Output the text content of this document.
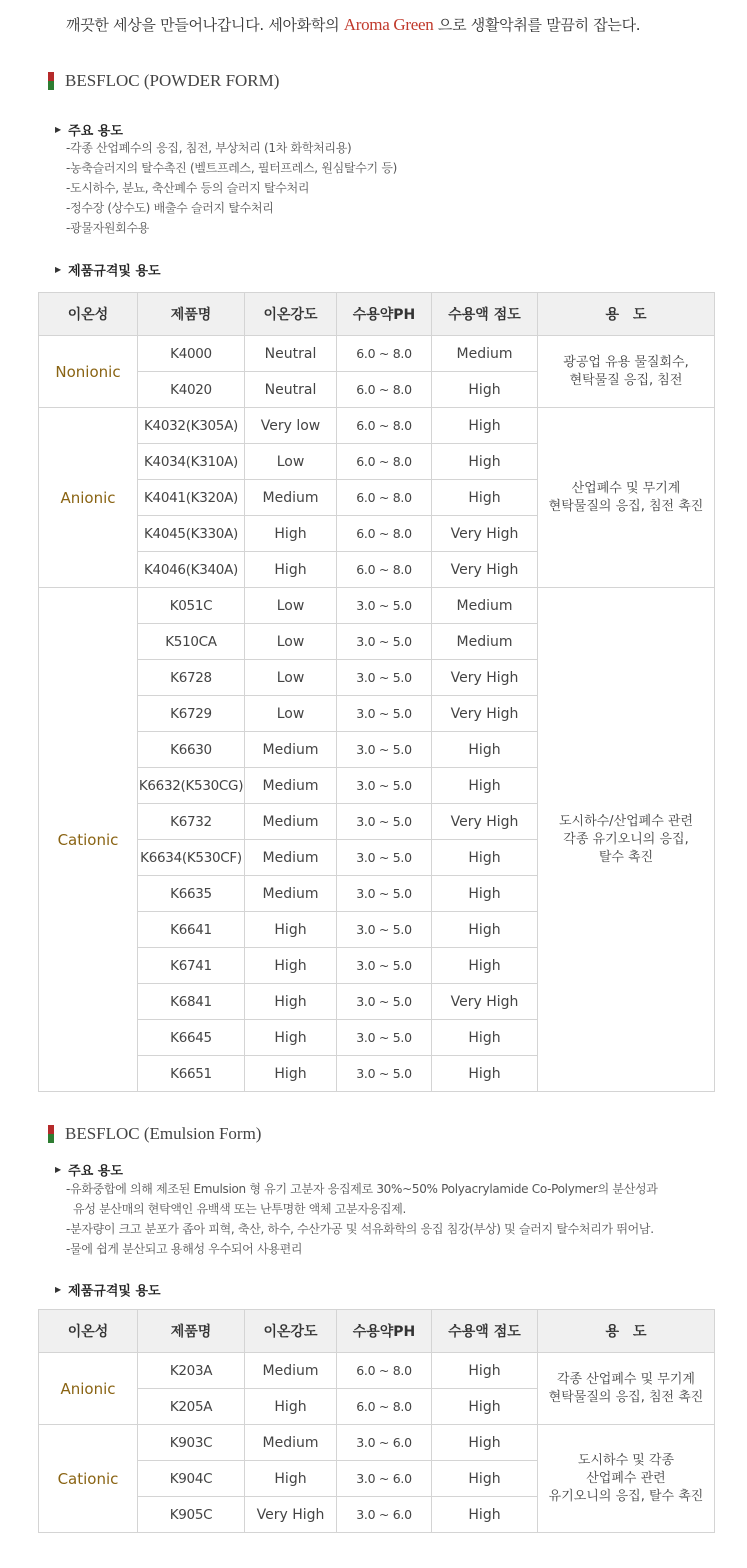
깨끗한 세상을 만들어나갑니다. 세아화학의 Aroma Green 으로 생활악취를 말끔히 잡는다.
BESFLOC (POWDER FORM)
▶ 주요 용도
-각종 산업폐수의 응집, 침전, 부상처리 (1차 화학처리용)
-농축슬러지의 탈수촉진 (벨트프레스, 필터프레스, 원심탈수기 등)
-도시하수, 분뇨, 축산폐수 등의 슬러지 탈수처리
-정수장 (상수도) 배출수 슬러지 탈수처리
-광물자원회수용
▶ 제품규격및 용도
이온성	제품명	이온강도	수용약PH	수용액 점도	용　도
Nonionic	K4000	Neutral	6.0 ~ 8.0	Medium	광공업 유용 물질회수,
현탁물질 응집, 침전
	K4020	Neutral	6.0 ~ 8.0	High	
Anionic	K4032(K305A)	Very low	6.0 ~ 8.0	High	산업폐수 및 무기계
현탁물질의 응집, 침전 촉진
	K4034(K310A)	Low	6.0 ~ 8.0	High	
	K4041(K320A)	Medium	6.0 ~ 8.0	High	
	K4045(K330A)	High	6.0 ~ 8.0	Very High	
	K4046(K340A)	High	6.0 ~ 8.0	Very High	
Cationic	K051C	Low	3.0 ~ 5.0	Medium	도시하수/산업폐수 관련
각종 유기오니의 응집,
탈수 촉진
	K510CA	Low	3.0 ~ 5.0	Medium	
	K6728	Low	3.0 ~ 5.0	Very High	
	K6729	Low	3.0 ~ 5.0	Very High	
	K6630	Medium	3.0 ~ 5.0	High	
	K6632(K530CG)	Medium	3.0 ~ 5.0	High	
	K6732	Medium	3.0 ~ 5.0	Very High	
	K6634(K530CF)	Medium	3.0 ~ 5.0	High	
	K6635	Medium	3.0 ~ 5.0	High	
	K6641	High	3.0 ~ 5.0	High	
	K6741	High	3.0 ~ 5.0	High	
	K6841	High	3.0 ~ 5.0	Very High	
	K6645	High	3.0 ~ 5.0	High	
	K6651	High	3.0 ~ 5.0	High	
BESFLOC (Emulsion Form)
▶ 주요 용도
-유화중합에 의해 제조된 Emulsion 형 유기 고분자 응집제로 30%~50% Polyacrylamide Co-Polymer의 분산성과
유성 분산매의 현탁액인 유백색 또는 난투명한 액체 고분자응집제.
-분자량이 크고 분포가 좁아 피혁, 축산, 하수, 수산가공 및 석유화학의 응집 침강(부상) 및 슬러지 탈수처리가 뛰어남.
-물에 쉽게 분산되고 용해성 우수되어 사용편리
▶ 제품규격및 용도
이온성	제품명	이온강도	수용약PH	수용액 점도	용　도
Anionic	K203A	Medium	6.0 ~ 8.0	High	각종 산업폐수 및 무기계
현탁물질의 응집, 침전 촉진
	K205A	High	6.0 ~ 8.0	High	
Cationic	K903C	Medium	3.0 ~ 6.0	High	도시하수 및 각종
산업폐수 관련
유기오니의 응집, 탈수 촉진
	K904C	High	3.0 ~ 6.0	High	
	K905C	Very High	3.0 ~ 6.0	High	
